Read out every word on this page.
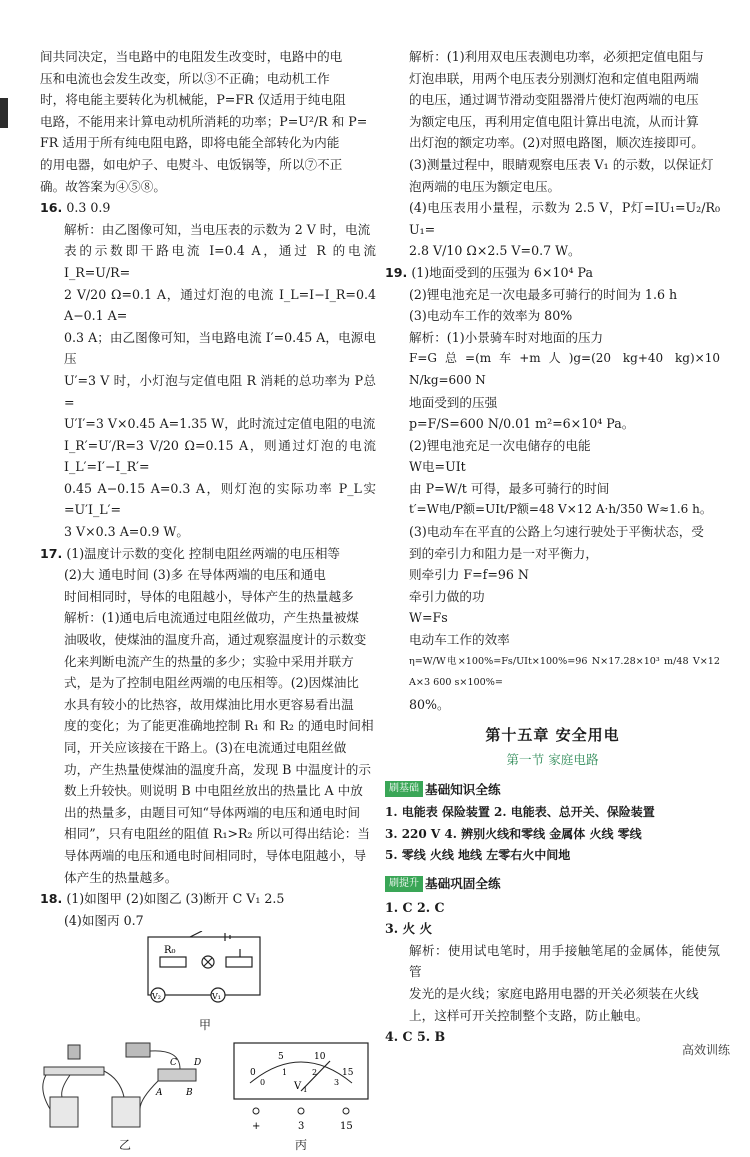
间共同决定，当电路中的电阻发生改变时，电路中的电

压和电流也会发生改变，所以③不正确；电动机工作

时，将电能主要转化为机械能，P=FR 仅适用于纯电阻

电路，不能用来计算电动机所消耗的功率；P=U²/R 和 P=

FR 适用于所有纯电阻电路，即将电能全部转化为内能

的用电器，如电炉子、电熨斗、电饭锅等，所以⑦不正

确。故答案为④⑤⑧。

16. 0.3 0.9

解析：由乙图像可知，当电压表的示数为 2 V 时，电流

表的示数即干路电流 I=0.4 A，通过 R 的电流 I_R=U/R=

2 V/20 Ω=0.1 A，通过灯泡的电流 I_L=I−I_R=0.4 A−0.1 A=

0.3 A；由乙图像可知，当电路电流 I′=0.45 A，电源电压

U′=3 V 时，小灯泡与定值电阻 R 消耗的总功率为 P总=

U′I′=3 V×0.45 A=1.35 W，此时流过定值电阻的电流

I_R′=U′/R=3 V/20 Ω=0.15 A，则通过灯泡的电流 I_L′=I′−I_R′=

0.45 A−0.15 A=0.3 A，则灯泡的实际功率 P_L实=U′I_L′=

3 V×0.3 A=0.9 W。

17. (1)温度计示数的变化 控制电阻丝两端的电压相等

(2)大 通电时间 (3)多 在导体两端的电压和通电

时间相同时，导体的电阻越小，导体产生的热量越多

解析：(1)通电后电流通过电阻丝做功，产生热量被煤

油吸收，使煤油的温度升高，通过观察温度计的示数变

化来判断电流产生的热量的多少；实验中采用并联方

式，是为了控制电阻丝两端的电压相等。(2)因煤油比

水具有较小的比热容，故用煤油比用水更容易看出温

度的变化；为了能更准确地控制 R₁ 和 R₂ 的通电时间相

同，开关应该接在干路上。(3)在电流通过电阻丝做

功，产生热量使煤油的温度升高，发现 B 中温度计的示

数上升较快。则说明 B 中电阻丝放出的热量比 A 中放

出的热量多，由题目可知“导体两端的电压和通电时间

相同”，只有电阻丝的阻值 R₁>R₂ 所以可得出结论：当

导体两端的电压和通电时间相同时，导体电阻越小，导

体产生的热量越多。

18. (1)如图甲 (2)如图乙 (3)断开 C V₁ 2.5

(4)如图丙 0.7

R₀
V₂	V₁
甲
C D
A	B
乙
0
5	10
15
0
1	2
3
V 1
+	3	15
丙

解析：(1)利用双电压表测电功率，必须把定值电阻与

灯泡串联，用两个电压表分别测灯泡和定值电阻两端

的电压，通过调节滑动变阻器滑片使灯泡两端的电压

为额定电压，再利用定值电阻计算出电流，从而计算

出灯泡的额定功率。(2)对照电路图，顺次连接即可。

(3)测量过程中，眼睛观察电压表 V₁ 的示数，以保证灯

泡两端的电压为额定电压。

(4)电压表用小量程，示数为 2.5 V，P灯=IU₁=U₂/R₀ U₁=

2.8 V/10 Ω×2.5 V=0.7 W。

19. (1)地面受到的压强为 6×10⁴ Pa

(2)锂电池充足一次电最多可骑行的时间为 1.6 h

(3)电动车工作的效率为 80%

解析：(1)小景骑车时对地面的压力

F=G总=(m车+m人)g=(20 kg+40 kg)×10 N/kg=600 N

地面受到的压强

p=F/S=600 N/0.01 m²=6×10⁴ Pa。

(2)锂电池充足一次电储存的电能

W电=UIt

由 P=W/t 可得，最多可骑行的时间

t′=W电/P额=UIt/P额=48 V×12 A·h/350 W≈1.6 h。

(3)电动车在平直的公路上匀速行驶处于平衡状态，受

到的牵引力和阻力是一对平衡力，

则牵引力 F=f=96 N

牵引力做的功

W=Fs

电动车工作的效率

η=W/W电×100%=Fs/UIt×100%=96 N×17.28×10³ m/48 V×12 A×3 600 s×100%=

80%。

第十五章 安全用电
第一节 家庭电路
刷基础 基础知识全练

1. 电能表 保险装置 2. 电能表、总开关、保险装置

3. 220 V 4. 辨别火线和零线 金属体 火线 零线

5. 零线 火线 地线 左零右火中间地

刷提升 基础巩固全练

1. C 2. C

3. 火 火

解析：使用试电笔时，用手接触笔尾的金属体，能使氖管

发光的是火线；家庭电路用电器的开关必须装在火线

上，这样可开关控制整个支路，防止触电。

4. C 5. B

高效训练
